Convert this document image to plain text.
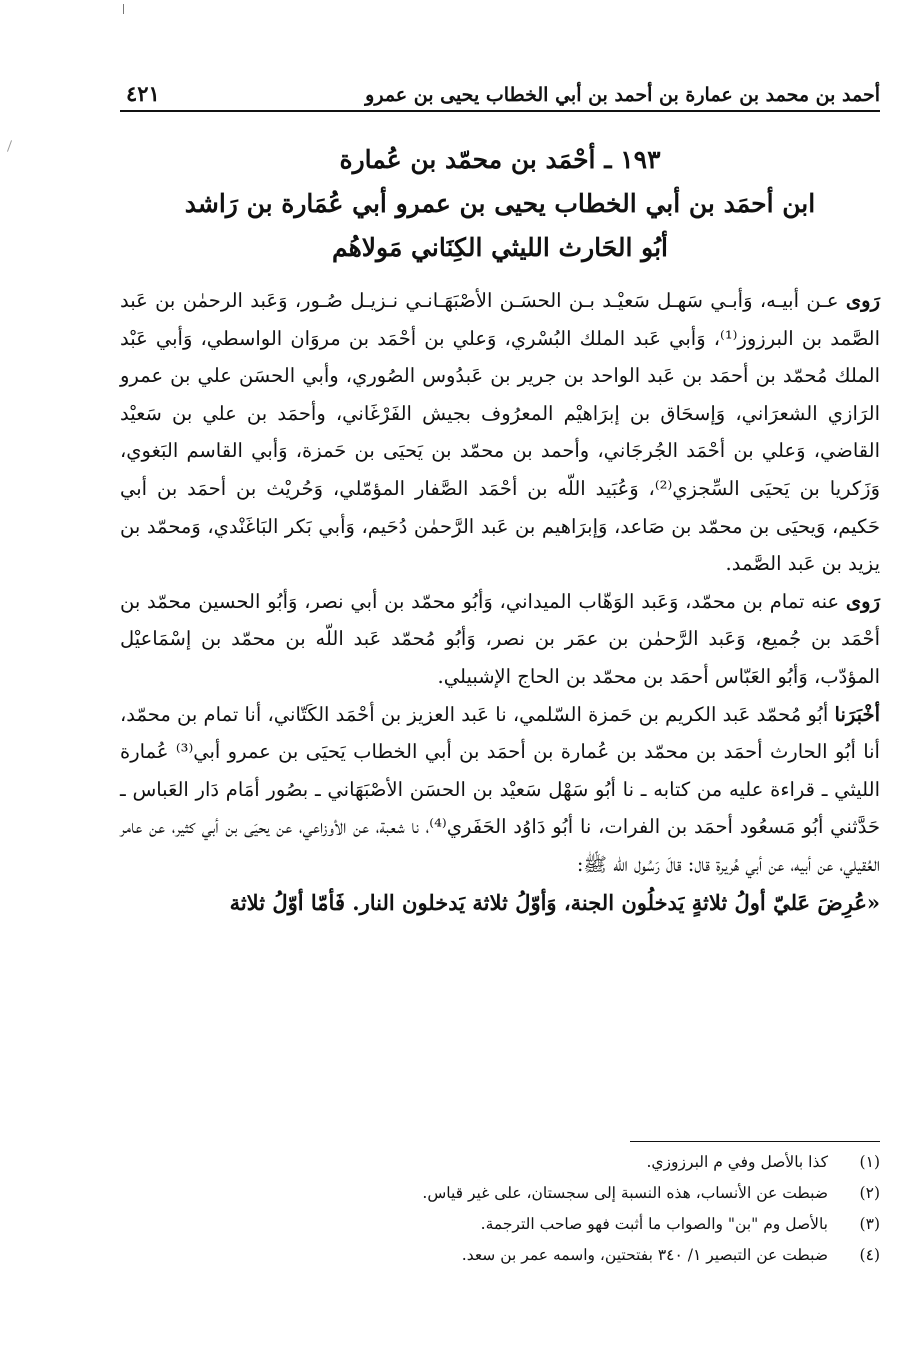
أحمد بن محمد بن عمارة بن أحمد بن أبي الخطاب يحيى بن عمرو
٤٢١
١٩٣ ـ أحْمَد بن محمّد بن عُمارة
ابن أحمَد بن أبي الخطاب يحيى بن عمرو أبي عُمَارة بن رَاشد
أبُو الحَارث الليثي الكِنَاني مَولاهُم

رَوى عـن أبيـه، وَأبـي سَهـل سَعيْـد بـن الحسَـن الأصْبَهَـانـي نـزيـل صُـور، وَعَبد الرحمٰن بن عَبد الصَّمد بن البرزوز⁽¹⁾، وَأبي عَبد الملك البُسْري، وَعلي بن أحْمَد بن مروَان الواسطي، وَأبي عَبْد الملك مُحمّد بن أحمَد بن عَبد الواحد بن جرير بن عَبدُوس الصُوري، وأبي الحسَن علي بن عمرو الرَازي الشعرَاني، وَإسحَاق بن إبرَاهيْم المعرُوف بجيش الفَرْغَاني، وأحمَد بن علي بن سَعيْد القاضي، وَعلي بن أحْمَد الجُرجَاني، وأحمد بن محمّد بن يَحيَى بن حَمزة، وَأبي القاسم البَغوي، وَزَكريا بن يَحيَى السِّجزي⁽²⁾، وَعُبَيد اللّه بن أحْمَد الصَّفار المؤمّلي، وَحُريْث بن أحمَد بن أبي حَكيم، وَيحيَى بن محمّد بن صَاعد، وَإبرَاهيم بن عَبد الرَّحمٰن دُحَيم، وَأبي بَكر البَاغَنْدي، وَمحمّد بن يزيد بن عَبد الصَّمد.

رَوى عنه تمام بن محمّد، وَعَبد الوَهّاب الميداني، وَأبُو محمّد بن أبي نصر، وَأبُو الحسين محمّد بن أحْمَد بن جُميع، وَعَبد الرَّحمٰن بن عمَر بن نصر، وَأبُو مُحمّد عَبد اللّه بن محمّد بن إسْمَاعيْل المؤدّب، وَأبُو العَبّاس أحمَد بن محمّد بن الحاج الإشبيلي.

أخْبَرَنا أبُو مُحمّد عَبد الكريم بن حَمزة السّلمي، نا عَبد العزيز بن أحْمَد الكَتّاني، أنا تمام بن محمّد، أنا أبُو الحارث أحمَد بن محمّد بن عُمارة بن أحمَد بن أبي الخطاب يَحيَى بن عمرو أبي⁽³⁾ عُمارة الليثي ـ قراءة عليه من كتابه ـ نا أبُو سَهْل سَعيْد بن الحسَن الأصْبَهَاني ـ بصُور أمَام دَار العَباس ـ حَدَّثني أبُو مَسعُود أحمَد بن الفرات، نا أبُو دَاوُد الحَفَري⁽⁴⁾، نا شعبة، عن الأوزاعي، عن يحيَى بن أبي كثير، عن عامر العُقيلي، عن أبيه، عن أبي هُريرة قال: قالَ رَسُول اللّه ﷺ:

«عُرِضَ عَليّ أولُ ثلاثةٍ يَدخلُون الجنة، وَأوّلُ ثلاثة يَدخلون النار. فَأمّا أوّلُ ثلاثة

(١)
كذا بالأصل وفي م البرزوزي.
(٢)
ضبطت عن الأنساب، هذه النسبة إلى سجستان، على غير قياس.
(٣)
بالأصل وم "بن" والصواب ما أثبت فهو صاحب الترجمة.
(٤)
ضبطت عن التبصير ١/ ٣٤٠ بفتحتين، واسمه عمر بن سعد.
